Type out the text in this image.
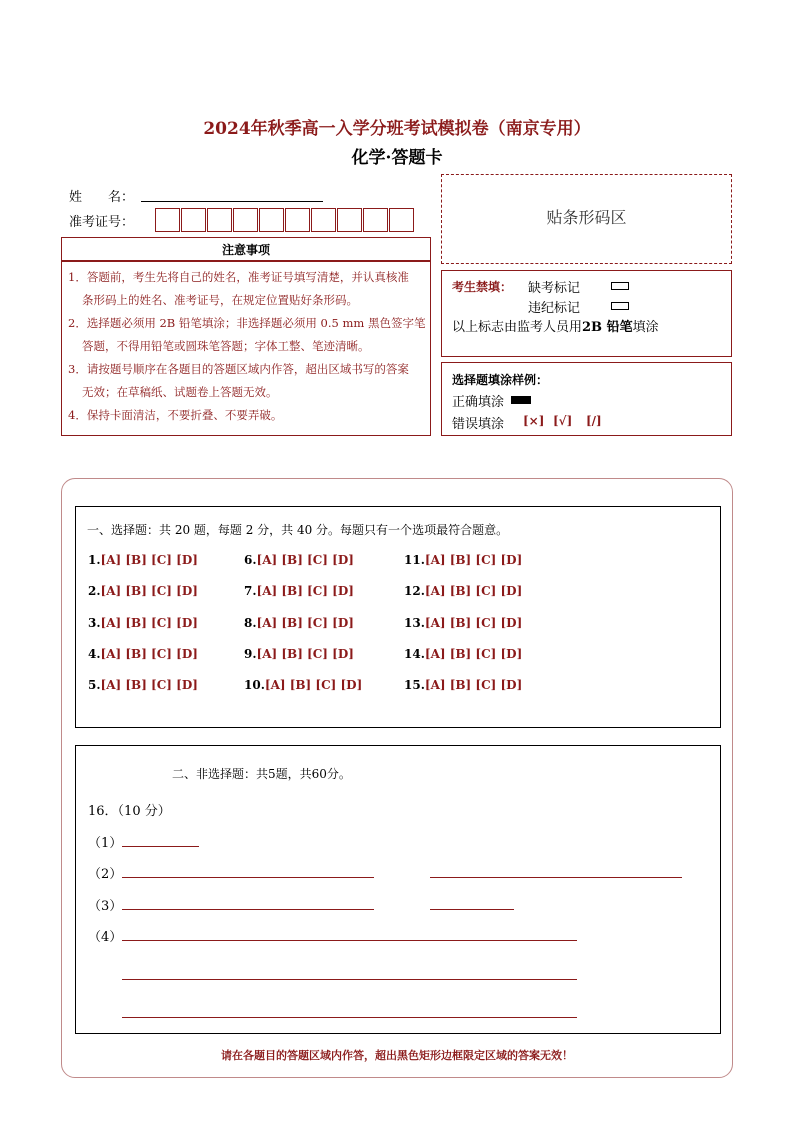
2024年秋季高一入学分班考试模拟卷（南京专用）
化学·答题卡
姓　　名：
准考证号：
注意事项
1．答题前，考生先将自己的姓名，准考证号填写清楚，并认真核准
条形码上的姓名、准考证号，在规定位置贴好条形码。
2．选择题必须用 2B 铅笔填涂；非选择题必须用 0.5 mm 黑色签字笔
答题，不得用铅笔或圆珠笔答题；字体工整、笔迹清晰。
3．请按题号顺序在各题目的答题区域内作答，超出区域书写的答案
无效；在草稿纸、试题卷上答题无效。
4．保持卡面清洁，不要折叠、不要弄破。
贴条形码区
考生禁填： 缺考标记
违纪标记
以上标志由监考人员用2B 铅笔填涂
选择题填涂样例：
正确填涂
错误填涂 [×] [√] [/]
一、选择题：共 20 题，每题 2 分，共 40 分。每题只有一个选项最符合题意。
1.[A] [B] [C] [D]
2.[A] [B] [C] [D]
3.[A] [B] [C] [D]
4.[A] [B] [C] [D]
5.[A] [B] [C] [D]
6.[A] [B] [C] [D]
7.[A] [B] [C] [D]
8.[A] [B] [C] [D]
9.[A] [B] [C] [D]
10.[A] [B] [C] [D]
11.[A] [B] [C] [D]
12.[A] [B] [C] [D]
13.[A] [B] [C] [D]
14.[A] [B] [C] [D]
15.[A] [B] [C] [D]
二、非选择题：共5题，共60分。
16．（10 分）
（1）
（2）
（3）
（4）
请在各题目的答题区域内作答，超出黑色矩形边框限定区域的答案无效！
